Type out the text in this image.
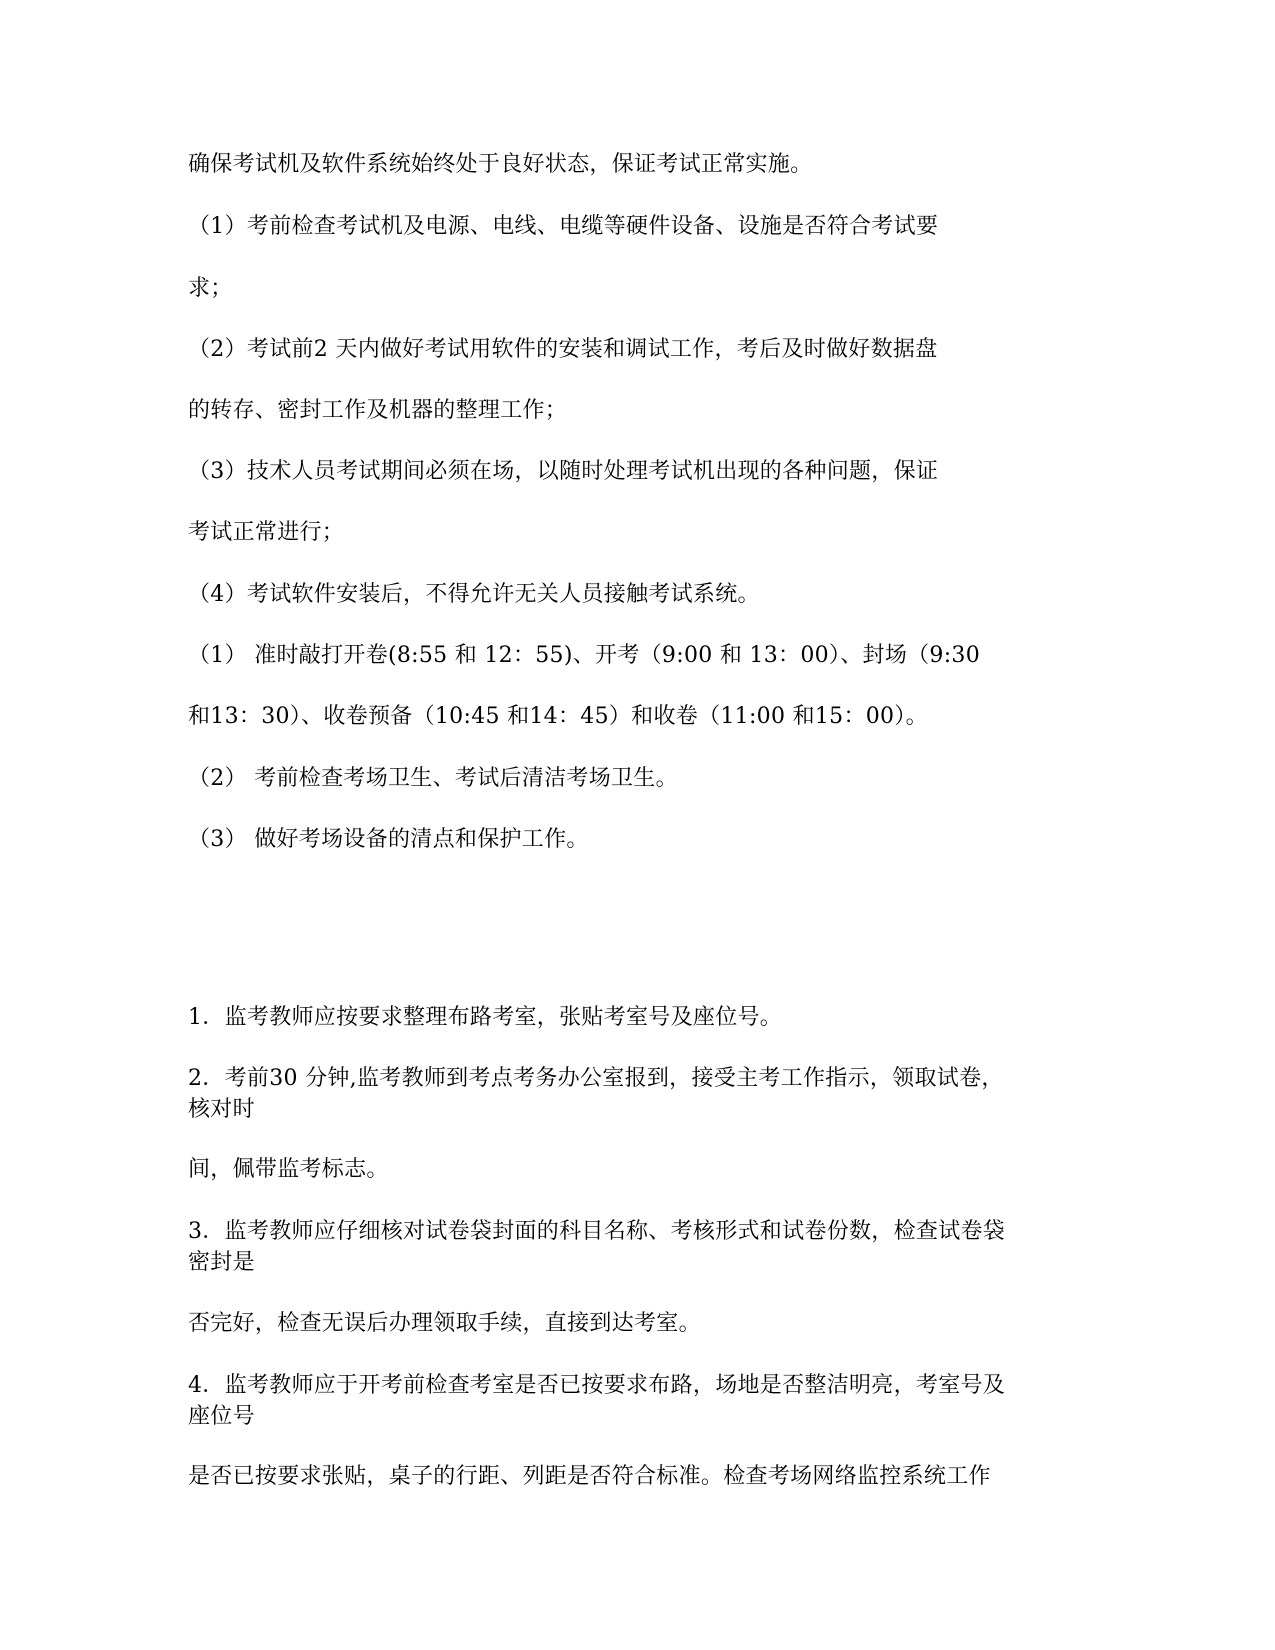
确保考试机及软件系统始终处于良好状态，保证考试正常实施。
（1）考前检查考试机及电源、电线、电缆等硬件设备、设施是否符合考试要
求；
（2）考试前2 天内做好考试用软件的安装和调试工作，考后及时做好数据盘
的转存、密封工作及机器的整理工作；
（3）技术人员考试期间必须在场，以随时处理考试机出现的各种问题，保证
考试正常进行；
（4）考试软件安装后，不得允许无关人员接触考试系统。
（1） 准时敲打开卷(8:55 和 12：55)、开考（9:00 和 13：00）、封场（9:30
和13：30）、收卷预备（10:45 和14：45）和收卷（11:00 和15：00）。
（2） 考前检查考场卫生、考试后清洁考场卫生。
（3） 做好考场设备的清点和保护工作。
1．监考教师应按要求整理布路考室，张贴考室号及座位号。
2．考前30 分钟,监考教师到考点考务办公室报到，接受主考工作指示，领取试卷，
核对时
间，佩带监考标志。
3．监考教师应仔细核对试卷袋封面的科目名称、考核形式和试卷份数，检查试卷袋
密封是
否完好，检查无误后办理领取手续，直接到达考室。
4．监考教师应于开考前检查考室是否已按要求布路，场地是否整洁明亮，考室号及
座位号
是否已按要求张贴，桌子的行距、列距是否符合标准。检查考场网络监控系统工作
